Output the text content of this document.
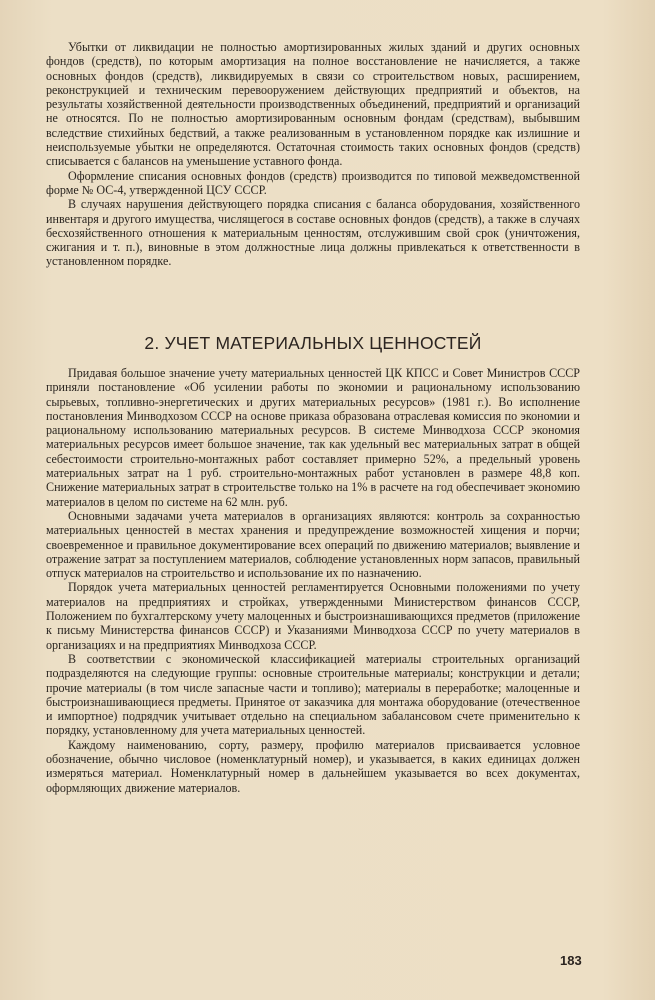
Убытки от ликвидации не полностью амортизированных жилых зданий и других основных фондов (средств), по которым амортизация на полное восстановление не начисляется, а также основных фондов (средств), ликвидируемых в связи со строительством новых, расширением, реконструкцией и техническим перевооружением действующих предприятий и объектов, на результаты хозяйственной деятельности производственных объединений, предприятий и организаций не относятся. По не полностью амортизированным основным фондам (средствам), выбывшим вследствие стихийных бедствий, а также реализованным в установленном порядке как излишние и неиспользуемые убытки не определяются. Остаточная стоимость таких основных фондов (средств) списывается с балансов на уменьшение уставного фонда.

Оформление списания основных фондов (средств) производится по типовой межведомственной форме № ОС-4, утвержденной ЦСУ СССР.

В случаях нарушения действующего порядка списания с баланса оборудования, хозяйственного инвентаря и другого имущества, числящегося в составе основных фондов (средств), а также в случаях бесхозяйственного отношения к материальным ценностям, отслужившим свой срок (уничтожения, сжигания и т. п.), виновные в этом должностные лица должны привлекаться к ответственности в установленном порядке.

2. УЧЕТ МАТЕРИАЛЬНЫХ ЦЕННОСТЕЙ

Придавая большое значение учету материальных ценностей ЦК КПСС и Совет Министров СССР приняли постановление «Об усилении работы по экономии и рациональному использованию сырьевых, топливно-энергетических и других материальных ресурсов» (1981 г.). Во исполнение постановления Минводхозом СССР на основе приказа образована отраслевая комиссия по экономии и рациональному использованию материальных ресурсов. В системе Минводхоза СССР экономия материальных ресурсов имеет большое значение, так как удельный вес материальных затрат в общей себестоимости строительно-монтажных работ составляет примерно 52%, а предельный уровень материальных затрат на 1 руб. строительно-монтажных работ установлен в размере 48,8 коп. Снижение материальных затрат в строительстве только на 1% в расчете на год обеспечивает экономию материалов в целом по системе на 62 млн. руб.

Основными задачами учета материалов в организациях являются: контроль за сохранностью материальных ценностей в местах хранения и предупреждение возможностей хищения и порчи; своевременное и правильное документирование всех операций по движению материалов; выявление и отражение затрат за поступлением материалов, соблюдение установленных норм запасов, правильный отпуск материалов на строительство и использование их по назначению.

Порядок учета материальных ценностей регламентируется Основными положениями по учету материалов на предприятиях и стройках, утвержденными Министерством финансов СССР, Положением по бухгалтерскому учету малоценных и быстроизнашивающихся предметов (приложение к письму Министерства финансов СССР) и Указаниями Минводхоза СССР по учету материалов в организациях и на предприятиях Минводхоза СССР.

В соответствии с экономической классификацией материалы строительных организаций подразделяются на следующие группы: основные строительные материалы; конструкции и детали; прочие материалы (в том числе запасные части и топливо); материалы в переработке; малоценные и быстроизнашивающиеся предметы. Принятое от заказчика для монтажа оборудование (отечественное и импортное) подрядчик учитывает отдельно на специальном забалансовом счете применительно к порядку, установленному для учета материальных ценностей.

Каждому наименованию, сорту, размеру, профилю материалов присваивается условное обозначение, обычно числовое (номенклатурный номер), и указывается, в каких единицах должен измеряться материал. Номенклатурный номер в дальнейшем указывается во всех документах, оформляющих движение материалов.

183
